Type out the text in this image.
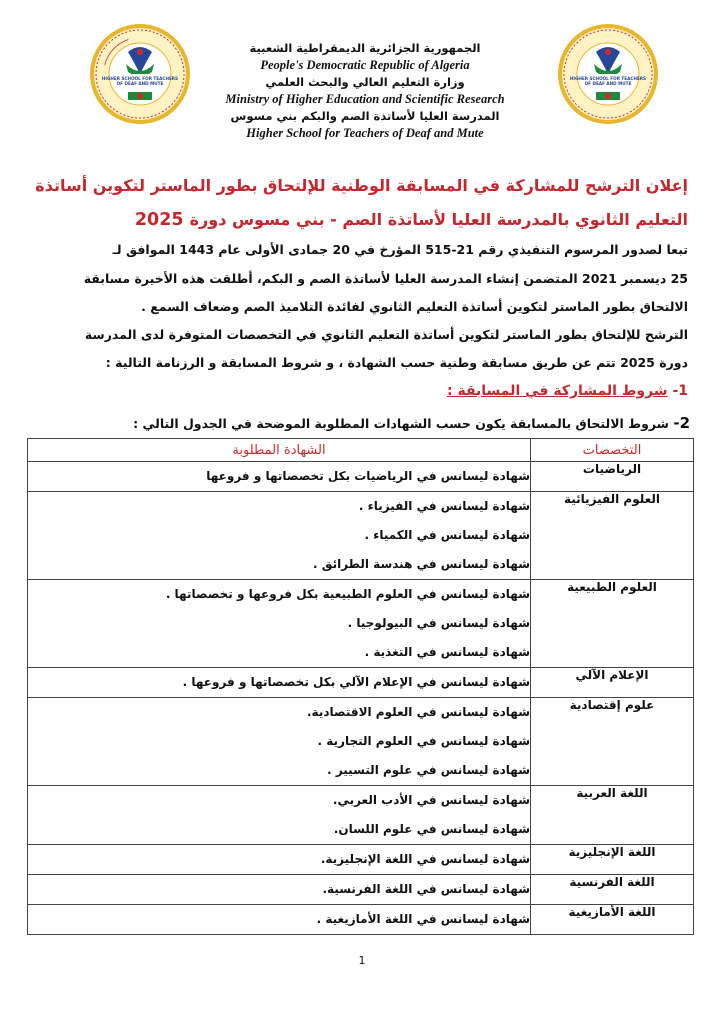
ــــــــــــــــ
HIGHER SCHOOL FOR TEACHERS
OF DEAF AND MUTE
HIGHER SCHOOL FOR TEACHERS
OF DEAF AND MUTE
الجمهورية الجزائرية الديمقراطية الشعبية
People's Democratic Republic of Algeria
وزارة التعليم العالي والبحث العلمي
Ministry of Higher Education and Scientific Research
المدرسة العليا لأساتذة الصم والبكم بني مسوس
Higher School for Teachers of Deaf and Mute
إعلان الترشح للمشاركة في المسابقة الوطنية للإلتحاق بطور الماستر لتكوين أساتذة
التعليم الثانوي بالمدرسة العليا لأساتذة الصم - بني مسوس دورة2025
تبعا لصدور المرسوم التنفيذي رقم 21-515 المؤرخ في 20 جمادى الأولى عام 1443 الموافق لـ
25 ديسمبر 2021 المتضمن إنشاء المدرسة العليا لأساتذة الصم و البكم، أطلقت هذه الأخيرة مسابقة
الالتحاق بطور الماستر لتكوين أساتذة التعليم الثانوي لفائدة التلاميذ الصم وضعاف السمع .
الترشح للإلتحاق بطور الماستر لتكوين أساتذة التعليم الثانوي في التخصصات المتوفرة لدى المدرسة
دورة 2025 تتم عن طريق مسابقة وطنية حسب الشهادة ، و شروط المسابقة و الرزنامة التالية :
1- شروط المشاركة في المسابقة :
2- شروط الالتحاق بالمسابقة يكون حسب الشهادات المطلوبة الموضحة في الجدول التالي :
التخصصات	الشهادة المطلوبة
الرياضيات	شهادة ليسانس في الرياضيات بكل تخصصاتها و فروعها

العلوم الفيزيائية	شهادة ليسانس في الفيزياء .
شهادة ليسانس في الكمياء .
شهادة ليسانس في هندسة الطرائق .

العلوم الطبيعية	شهادة ليسانس في العلوم الطبيعية بكل فروعها و تخصصاتها .
شهادة ليسانس في البيولوجيا .
شهادة ليسانس في التغذية .

الإعلام الآلي	شهادة ليسانس في الإعلام الآلي بكل تخصصاتها و فروعها .

علوم إقتصادية	شهادة ليسانس في العلوم الاقتصادية.
شهادة ليسانس في العلوم التجارية .
شهادة ليسانس في علوم التسيير .

اللغة العربية	شهادة ليسانس في الأدب العربي.
شهادة ليسانس في علوم اللسان.

اللغة الإنجليزية	شهادة ليسانس في اللغة الإنجليزية.

اللغة الفرنسية	شهادة ليسانس في اللغة الفرنسية.

اللغة الأمازيغية	شهادة ليسانس في اللغة الأمازيغية .
1
